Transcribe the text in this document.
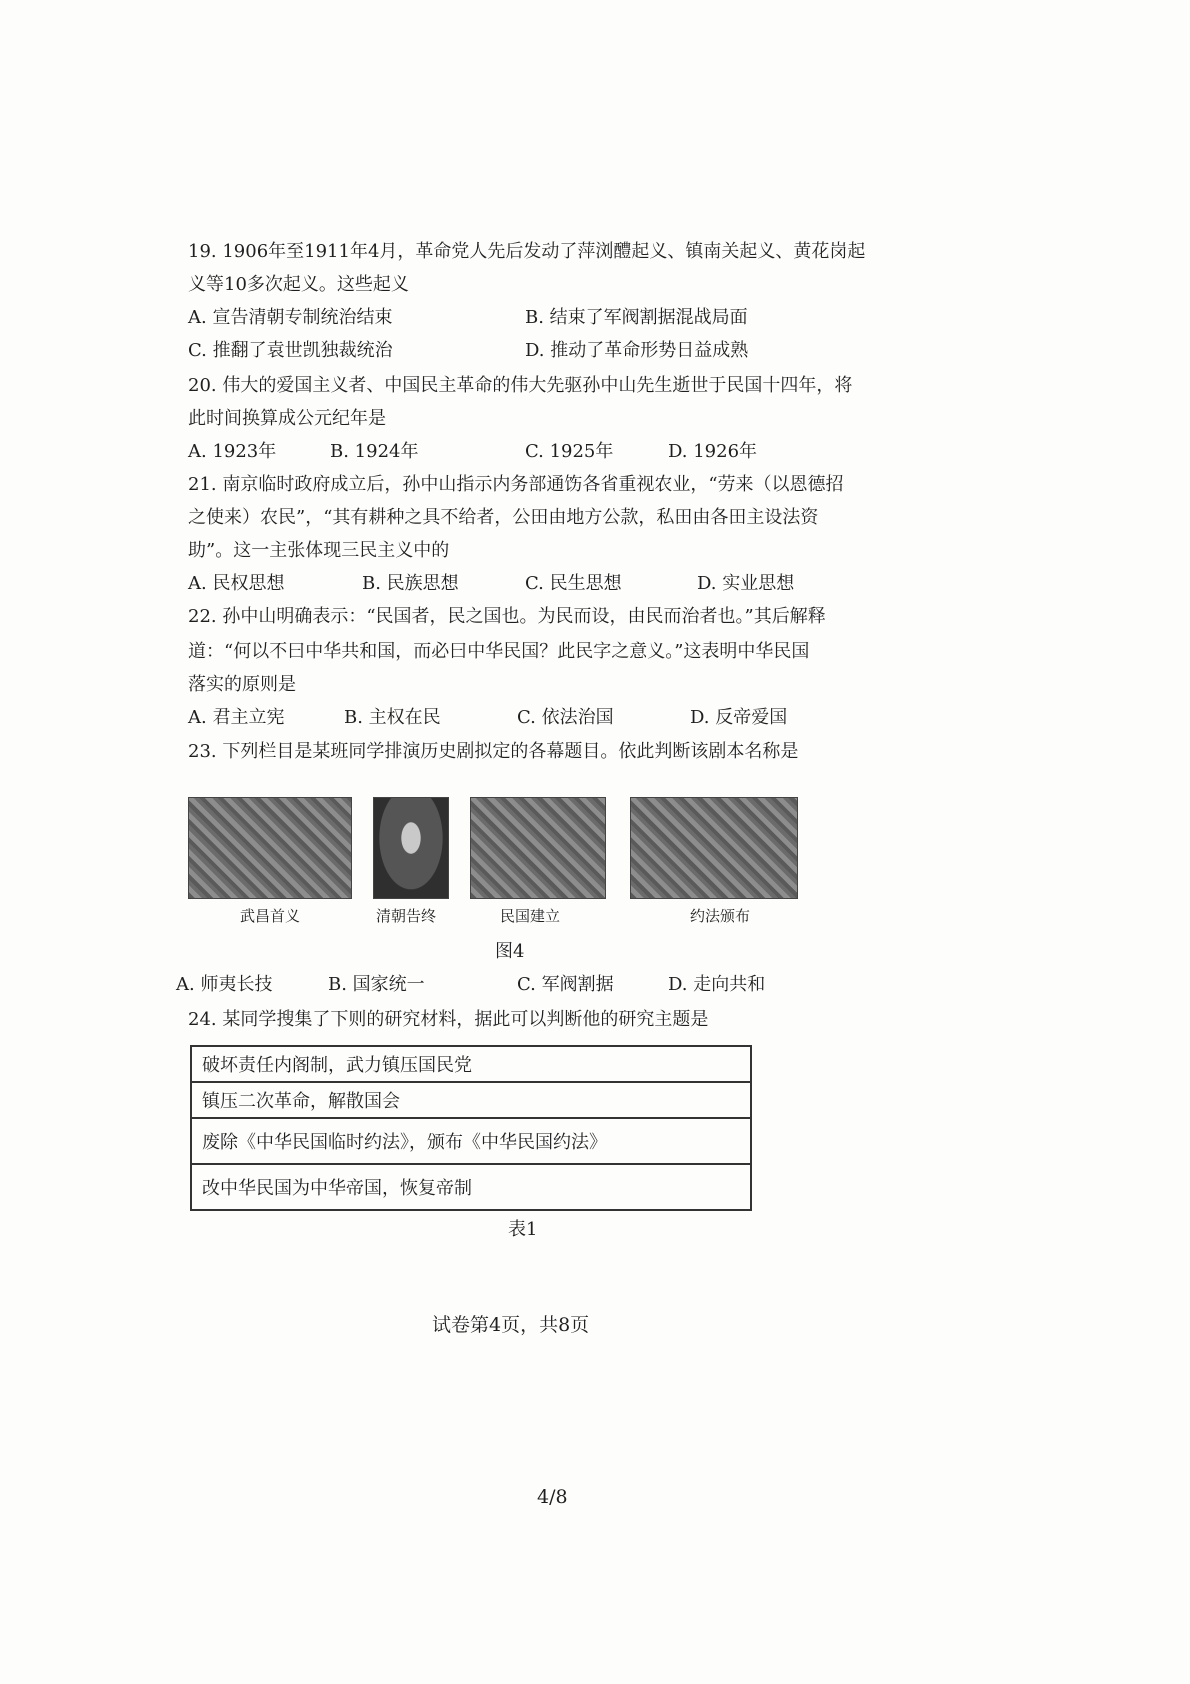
19. 1906年至1911年4月，革命党人先后发动了萍浏醴起义、镇南关起义、黄花岗起
义等10多次起义。这些起义
A. 宣告清朝专制统治结束	B. 结束了军阀割据混战局面
C. 推翻了袁世凯独裁统治	D. 推动了革命形势日益成熟
20. 伟大的爱国主义者、中国民主革命的伟大先驱孙中山先生逝世于民国十四年，将
此时间换算成公元纪年是
A. 1923年	B. 1924年	C. 1925年	D. 1926年
21. 南京临时政府成立后，孙中山指示内务部通饬各省重视农业，“劳来（以恩德招
之使来）农民”，“其有耕种之具不给者，公田由地方公款，私田由各田主设法资
助”。这一主张体现三民主义中的
A. 民权思想	B. 民族思想	C. 民生思想	D. 实业思想
22. 孙中山明确表示：“民国者，民之国也。为民而设，由民而治者也。”其后解释
道：“何以不曰中华共和国，而必曰中华民国？此民字之意义。”这表明中华民国
落实的原则是
A. 君主立宪	B. 主权在民	C. 依法治国	D. 反帝爱国
23. 下列栏目是某班同学排演历史剧拟定的各幕题目。依此判断该剧本名称是
武昌首义	清朝告终	民国建立	约法颁布
图4
A. 师夷长技	B. 国家统一	C. 军阀割据	D. 走向共和
24. 某同学搜集了下则的研究材料，据此可以判断他的研究主题是
破坏责任内阁制，武力镇压国民党
镇压二次革命，解散国会
废除《中华民国临时约法》，颁布《中华民国约法》
改中华民国为中华帝国，恢复帝制
表1
试卷第4页，共8页
4/8
